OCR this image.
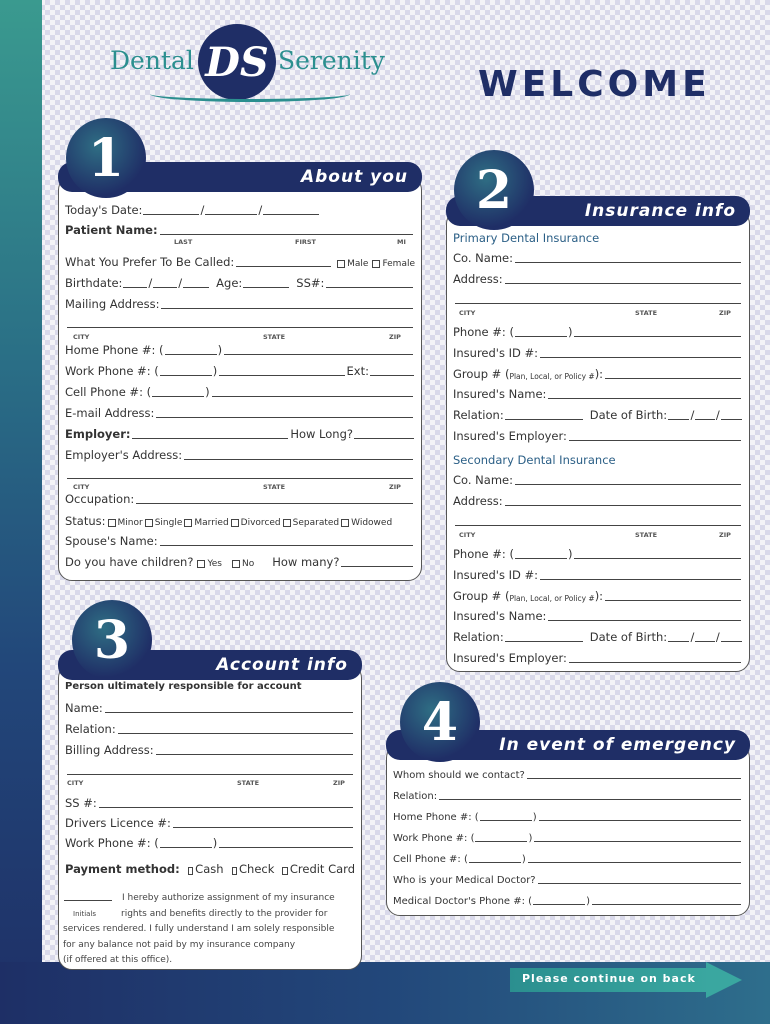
Dental DS Serenity
WELCOME
Today's Date:	/	/
Patient Name:
LAST	FIRST	MI
What You Prefer To Be Called:	Male Female
Birthdate: / /	Age:	SS#:
Mailing Address:
CITY	STATE	ZIP
Home Phone #: (	)
Work Phone #: (	)	Ext:
Cell Phone #: (	)
E-mail Address:
Employer:	How Long?
Employer's Address:
CITY	STATE	ZIP
Occupation:
Status: Minor Single Married Divorced Separated Widowed
Spouse's Name:
Do you have children? Yes No How many?
About you
1
Primary Dental Insurance
Co. Name:
Address:
CITY	STATE	ZIP
Phone #: (	)
Insured's ID #:
Group # ( Plan, Local, or Policy # ):
Insured's Name:
Relation:	Date of Birth: / /
Insured's Employer:
Secondary Dental Insurance
Co. Name:
Address:
CITY	STATE	ZIP
Phone #: (	)
Insured's ID #:
Group # ( Plan, Local, or Policy # ):
Insured's Name:
Relation:	Date of Birth: / /
Insured's Employer:
Insurance info
2
Person ultimately responsible for account
Name:
Relation:
Billing Address:
CITY	STATE	ZIP
SS #:
Drivers Licence #:
Work Phone #: (	)
Payment method: Cash Check Credit Card
I hereby authorize assignment of my insurance
Initials	rights and benefits directly to the provider for
services rendered. I fully understand I am solely responsible
for any balance not paid by my insurance company
(if offered at this office).
Account info
3
Whom should we contact?
Relation:
Home Phone #: (	)
Work Phone #: (	)
Cell Phone #: (	)
Who is your Medical Doctor?
Medical Doctor's Phone #: (	)
In event of emergency
4
Please continue on back
